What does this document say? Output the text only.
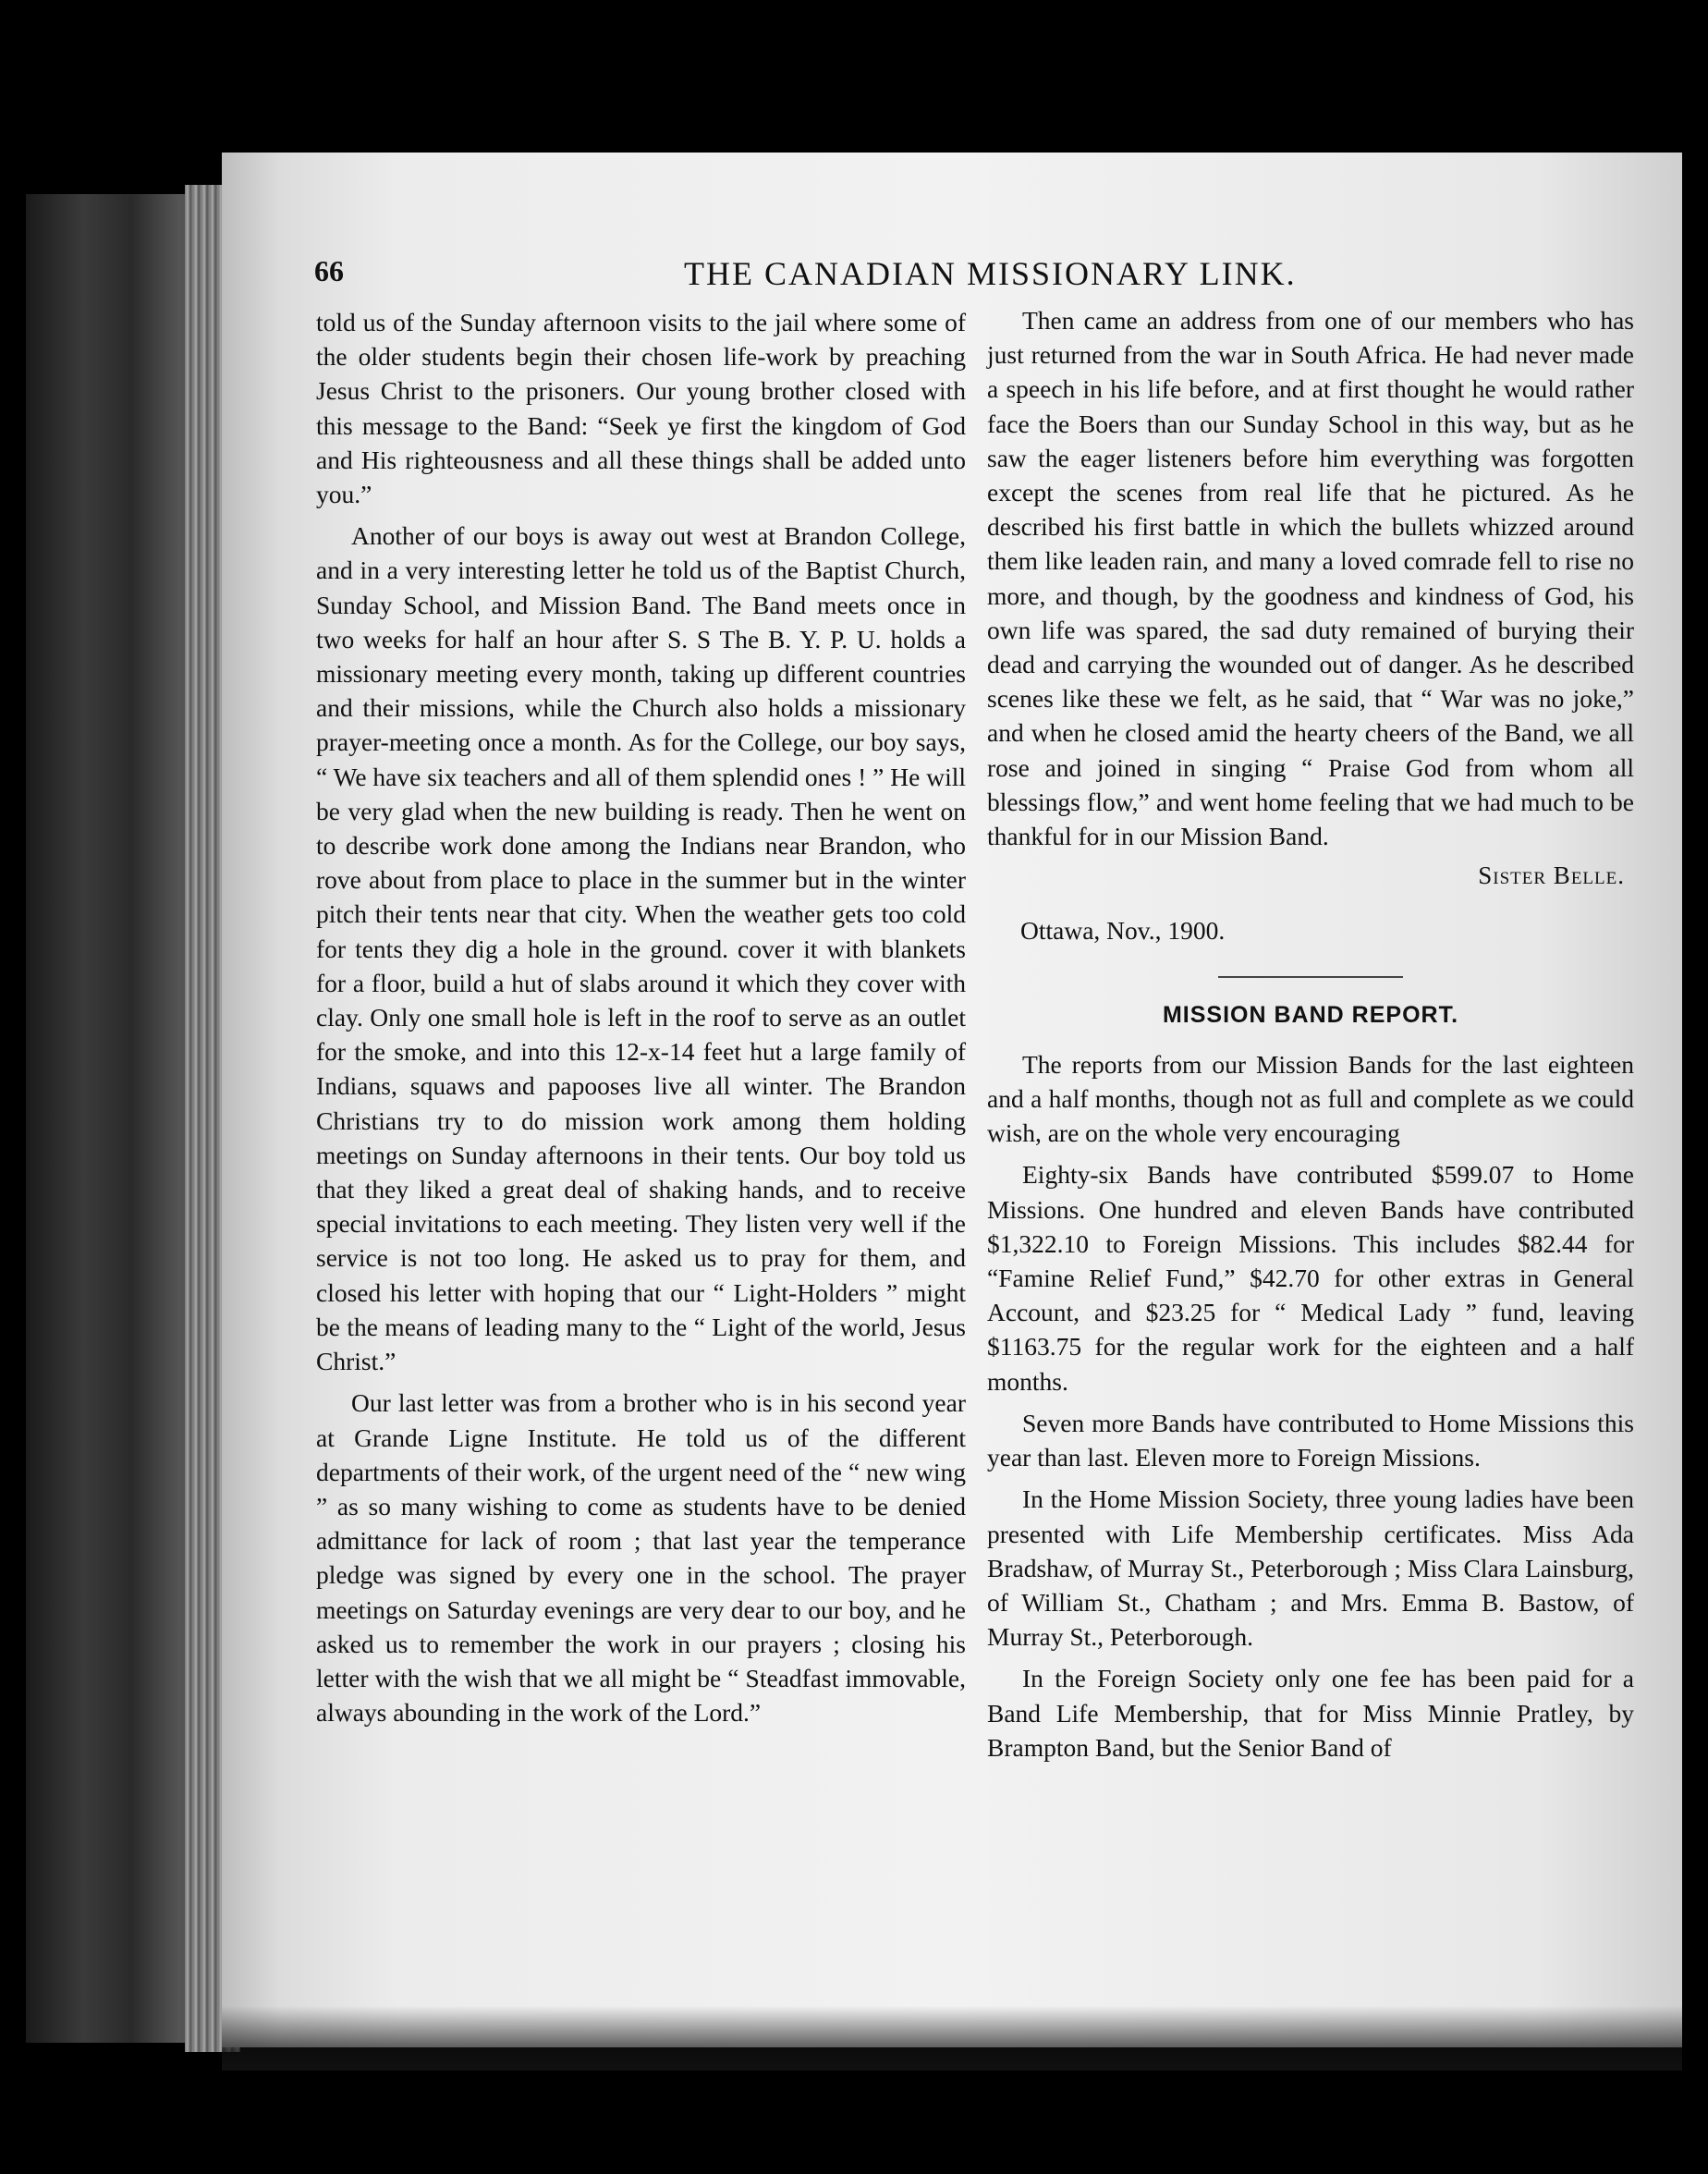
66	THE CANADIAN MISSIONARY LINK.

told us of the Sunday afternoon visits to the jail where some of the older students begin their chosen life-work by preaching Jesus Christ to the prisoners. Our young brother closed with this message to the Band: “Seek ye first the kingdom of God and His righteousness and all these things shall be added unto you.”

Another of our boys is away out west at Brandon College, and in a very interesting letter he told us of the Baptist Church, Sunday School, and Mission Band. The Band meets once in two weeks for half an hour after S. S The B. Y. P. U. holds a missionary meeting every month, taking up different countries and their missions, while the Church also holds a missionary prayer-meeting once a month. As for the College, our boy says, “ We have six teachers and all of them splendid ones ! ” He will be very glad when the new building is ready. Then he went on to describe work done among the Indians near Brandon, who rove about from place to place in the summer but in the winter pitch their tents near that city. When the weather gets too cold for tents they dig a hole in the ground. cover it with blankets for a floor, build a hut of slabs around it which they cover with clay. Only one small hole is left in the roof to serve as an outlet for the smoke, and into this 12-x-14 feet hut a large family of Indians, squaws and papooses live all winter. The Brandon Christians try to do mission work among them holding meetings on Sunday afternoons in their tents. Our boy told us that they liked a great deal of shaking hands, and to receive special invitations to each meeting. They listen very well if the service is not too long. He asked us to pray for them, and closed his letter with hoping that our “ Light-Holders ” might be the means of leading many to the “ Light of the world, Jesus Christ.”

Our last letter was from a brother who is in his second year at Grande Ligne Institute. He told us of the different departments of their work, of the urgent need of the “ new wing ” as so many wishing to come as students have to be denied admittance for lack of room ; that last year the temperance pledge was signed by every one in the school. The prayer meetings on Saturday evenings are very dear to our boy, and he asked us to remember the work in our prayers ; closing his letter with the wish that we all might be “ Steadfast immovable, always abounding in the work of the Lord.”

Then came an address from one of our members who has just returned from the war in South Africa. He had never made a speech in his life before, and at first thought he would rather face the Boers than our Sunday School in this way, but as he saw the eager listeners before him everything was forgotten except the scenes from real life that he pictured. As he described his first battle in which the bullets whizzed around them like leaden rain, and many a loved comrade fell to rise no more, and though, by the goodness and kindness of God, his own life was spared, the sad duty remained of burying their dead and carrying the wounded out of danger. As he described scenes like these we felt, as he said, that “ War was no joke,” and when he closed amid the hearty cheers of the Band, we all rose and joined in singing “ Praise God from whom all blessings flow,” and went home feeling that we had much to be thankful for in our Mission Band.

Sister Belle.
Ottawa, Nov., 1900.
MISSION BAND REPORT.

The reports from our Mission Bands for the last eighteen and a half months, though not as full and complete as we could wish, are on the whole very encouraging

Eighty-six Bands have contributed $599.07 to Home Missions. One hundred and eleven Bands have contributed $1,322.10 to Foreign Missions. This includes $82.44 for “Famine Relief Fund,” $42.70 for other extras in General Account, and $23.25 for “ Medical Lady ” fund, leaving $1163.75 for the regular work for the eighteen and a half months.

Seven more Bands have contributed to Home Missions this year than last. Eleven more to Foreign Missions.

In the Home Mission Society, three young ladies have been presented with Life Membership certificates. Miss Ada Bradshaw, of Murray St., Peterborough ; Miss Clara Lainsburg, of William St., Chatham ; and Mrs. Emma B. Bastow, of Murray St., Peterborough.

In the Foreign Society only one fee has been paid for a Band Life Membership, that for Miss Minnie Pratley, by Brampton Band, but the Senior Band of
